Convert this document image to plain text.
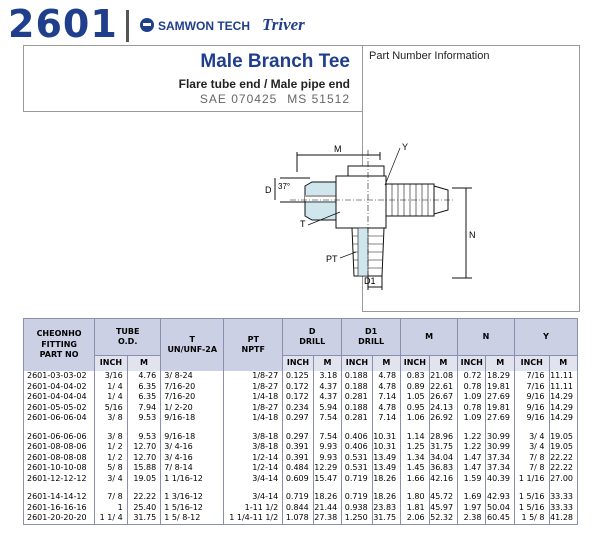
2601	SAMWON TECH Triver
Male Branch Tee
Flare tube end / Male pipe end
SAE 070425 MS 51512
Part Number Information
M	Y
D 37°
T
N
PT
D1
CHEONHO
FITTING
PART NO	TUBE
O.D.		T
UN/UNF-2A	PT
NPTF	D
DRILL		D1
DRILL		M		N		Y	
	INCH	M			INCH	M	INCH	M	INCH	M	INCH	M	INCH	M
2601-03-03-02	3/16	4.76	3/ 8-24	1/8-27	0.125	3.18	0.188	4.78	0.83	21.08	0.72	18.29	7/16	11.11
2601-04-04-02	1/ 4	6.35	7/16-20	1/8-27	0.172	4.37	0.188	4.78	0.89	22.61	0.78	19.81	7/16	11.11
2601-04-04-04	1/ 4	6.35	7/16-20	1/4-18	0.172	4.37	0.281	7.14	1.05	26.67	1.09	27.69	9/16	14.29
2601-05-05-02	5/16	7.94	1/ 2-20	1/8-27	0.234	5.94	0.188	4.78	0.95	24.13	0.78	19.81	9/16	14.29
2601-06-06-04	3/ 8	9.53	9/16-18	1/4-18	0.297	7.54	0.281	7.14	1.06	26.92	1.09	27.69	9/16	14.29

2601-06-06-06	3/ 8	9.53	9/16-18	3/8-18	0.297	7.54	0.406	10.31	1.14	28.96	1.22	30.99	3/ 4	19.05
2601-08-08-06	1/ 2	12.70	3/ 4-16	3/8-18	0.391	9.93	0.406	10.31	1.25	31.75	1.22	30.99	3/ 4	19.05
2601-08-08-08	1/ 2	12.70	3/ 4-16	1/2-14	0.391	9.93	0.531	13.49	1.34	34.04	1.47	37.34	7/ 8	22.22
2601-10-10-08	5/ 8	15.88	7/ 8-14	1/2-14	0.484	12.29	0.531	13.49	1.45	36.83	1.47	37.34	7/ 8	22.22
2601-12-12-12	3/ 4	19.05	1 1/16-12	3/4-14	0.609	15.47	0.719	18.26	1.66	42.16	1.59	40.39	1 1/16	27.00

2601-14-14-12	7/ 8	22.22	1 3/16-12	3/4-14	0.719	18.26	0.719	18.26	1.80	45.72	1.69	42.93	1 5/16	33.33
2601-16-16-16	1	25.40	1 5/16-12	1-11 1/2	0.844	21.44	0.938	23.83	1.81	45.97	1.97	50.04	1 5/16	33.33
2601-20-20-20	1 1/ 4	31.75	1 5/ 8-12	1 1/4-11 1/2	1.078	27.38	1.250	31.75	2.06	52.32	2.38	60.45	1 5/ 8	41.28
